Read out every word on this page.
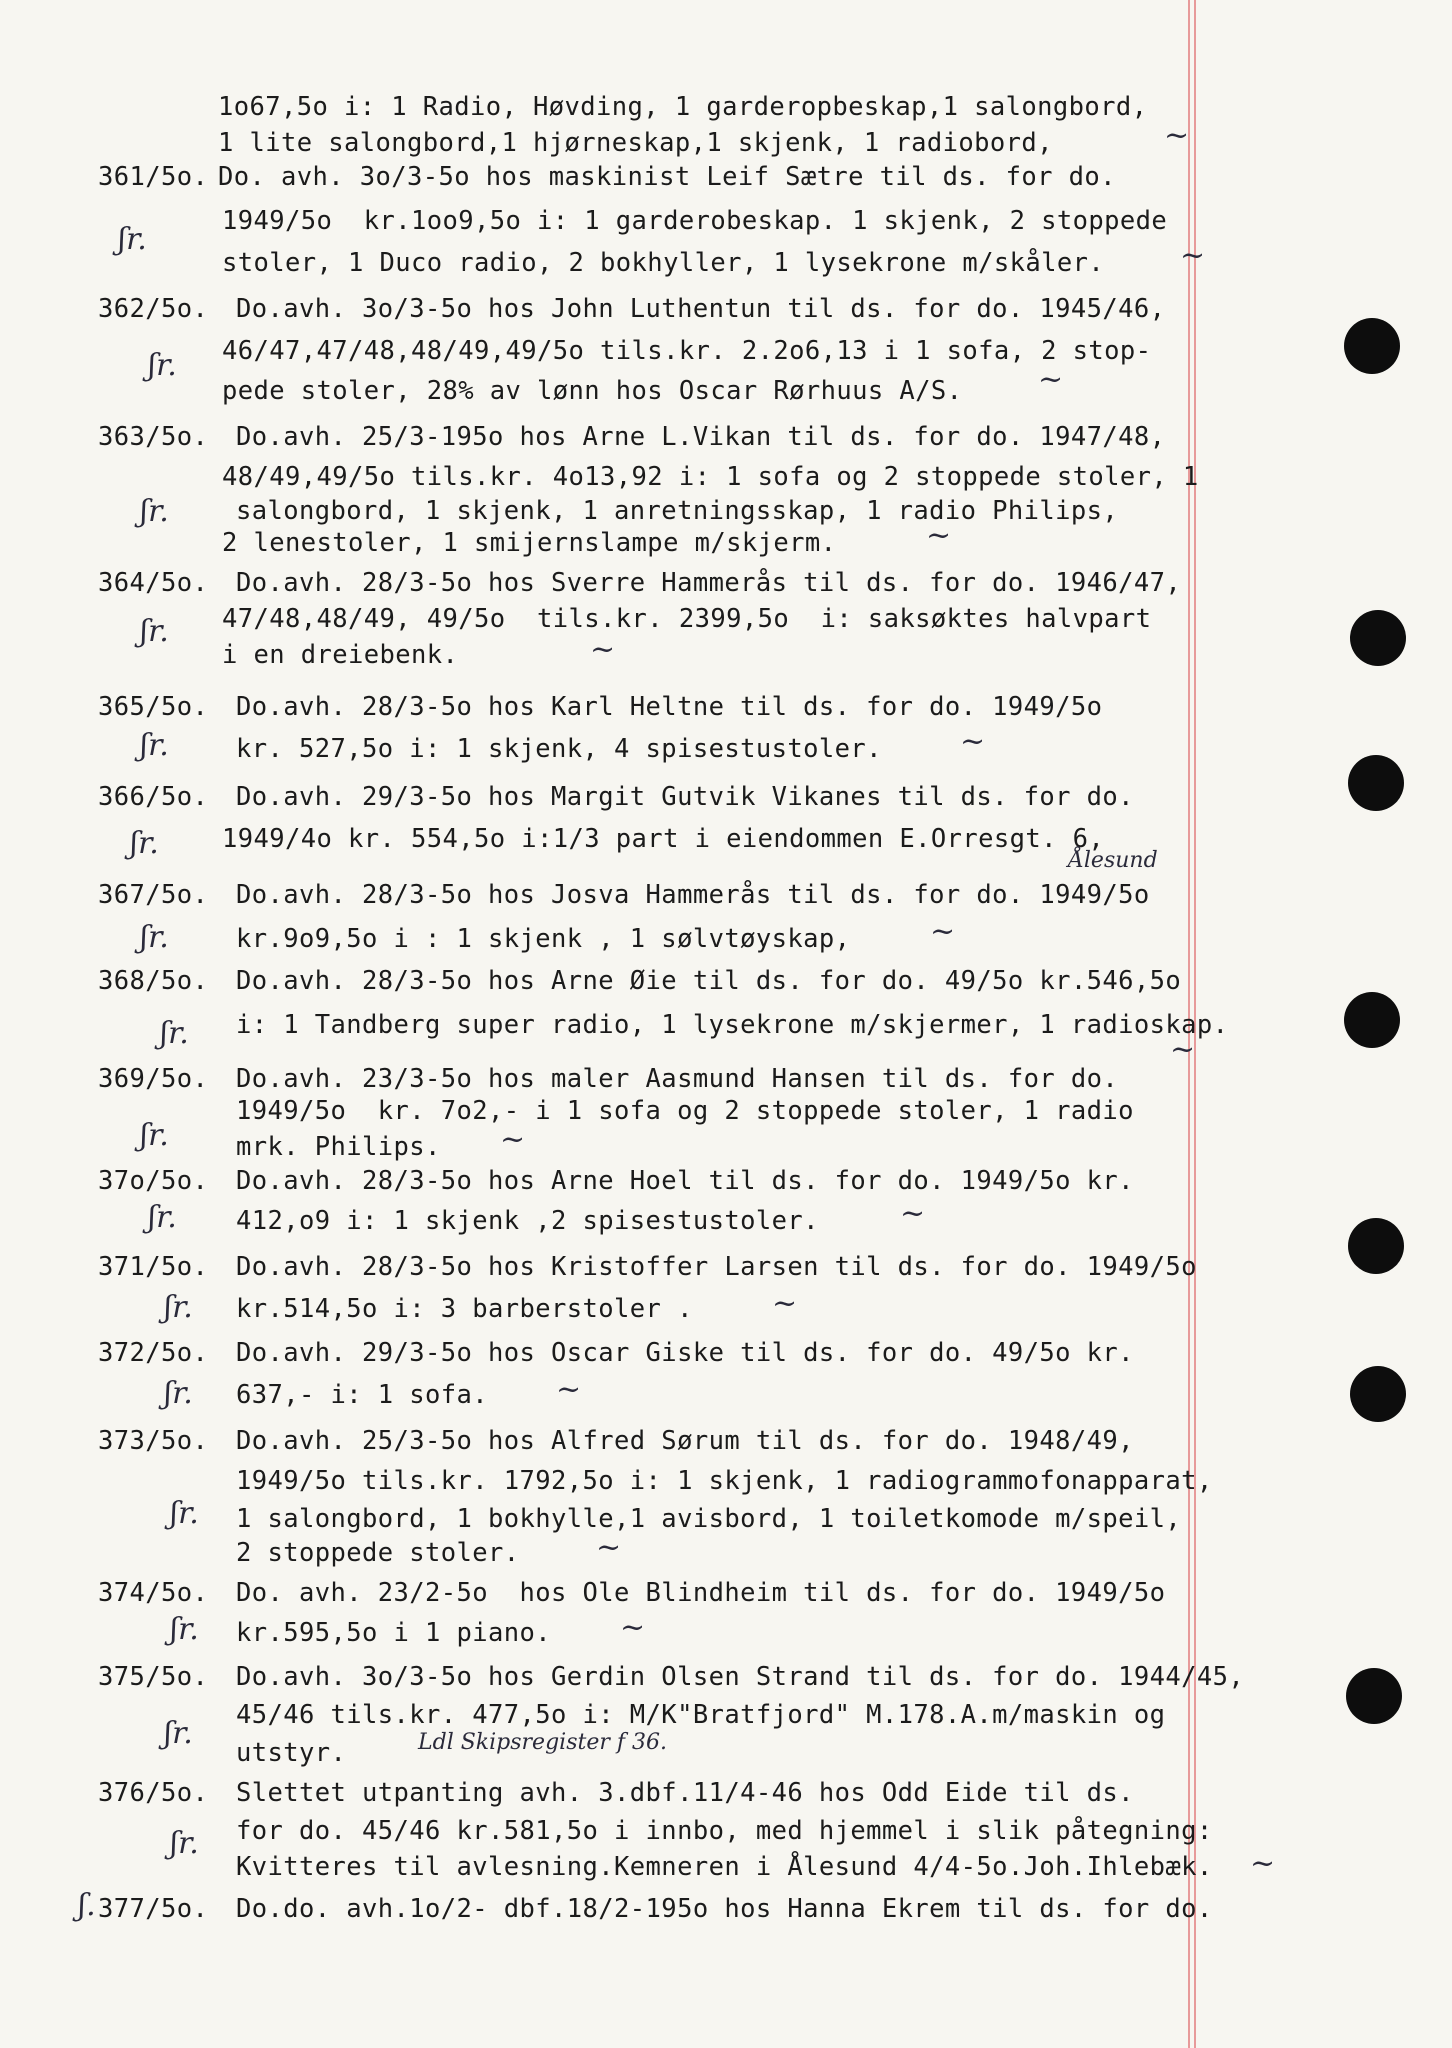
1o67,5o i: 1 Radio, Høvding, 1 garderopbeskap,1 salongbord,
1 lite salongbord,1 hjørneskap,1 skjenk, 1 radiobord,
361/5o. Do. avh. 3o/3-5o hos maskinist Leif Sætre til ds. for do.
1949/5o  kr.1oo9,5o i: 1 garderobeskap. 1 skjenk, 2 stoppede
stoler, 1 Duco radio, 2 bokhyller, 1 lysekrone m/skåler.
362/5o. Do.avh. 3o/3-5o hos John Luthentun til ds. for do. 1945/46,
46/47,47/48,48/49,49/5o tils.kr. 2.2o6,13 i 1 sofa, 2 stop-
pede stoler, 28% av lønn hos Oscar Rørhuus A/S.
363/5o. Do.avh. 25/3-195o hos Arne L.Vikan til ds. for do. 1947/48,
48/49,49/5o tils.kr. 4o13,92 i: 1 sofa og 2 stoppede stoler, 1
salongbord, 1 skjenk, 1 anretningsskap, 1 radio Philips,
2 lenestoler, 1 smijernslampe m/skjerm.
364/5o. Do.avh. 28/3-5o hos Sverre Hammerås til ds. for do. 1946/47,
47/48,48/49, 49/5o  tils.kr. 2399,5o  i: saksøktes halvpart
i en dreiebenk.
365/5o. Do.avh. 28/3-5o hos Karl Heltne til ds. for do. 1949/5o
kr. 527,5o i: 1 skjenk, 4 spisestustoler.
366/5o. Do.avh. 29/3-5o hos Margit Gutvik Vikanes til ds. for do.
1949/4o kr. 554,5o i:1/3 part i eiendommen E.Orresgt. 6,
367/5o. Do.avh. 28/3-5o hos Josva Hammerås til ds. for do. 1949/5o
kr.9o9,5o i : 1 skjenk , 1 sølvtøyskap,
368/5o. Do.avh. 28/3-5o hos Arne Øie til ds. for do. 49/5o kr.546,5o
i: 1 Tandberg super radio, 1 lysekrone m/skjermer, 1 radioskap.
369/5o. Do.avh. 23/3-5o hos maler Aasmund Hansen til ds. for do.
1949/5o  kr. 7o2,- i 1 sofa og 2 stoppede stoler, 1 radio
mrk. Philips.
37o/5o. Do.avh. 28/3-5o hos Arne Hoel til ds. for do. 1949/5o kr.
412,o9 i: 1 skjenk ,2 spisestustoler.
371/5o. Do.avh. 28/3-5o hos Kristoffer Larsen til ds. for do. 1949/5o
kr.514,5o i: 3 barberstoler .
372/5o. Do.avh. 29/3-5o hos Oscar Giske til ds. for do. 49/5o kr.
637,- i: 1 sofa.
373/5o. Do.avh. 25/3-5o hos Alfred Sørum til ds. for do. 1948/49,
1949/5o tils.kr. 1792,5o i: 1 skjenk, 1 radiogrammofonapparat,
1 salongbord, 1 bokhylle,1 avisbord, 1 toiletkomode m/speil,
2 stoppede stoler.
374/5o. Do. avh. 23/2-5o  hos Ole Blindheim til ds. for do. 1949/5o
kr.595,5o i 1 piano.
375/5o. Do.avh. 3o/3-5o hos Gerdin Olsen Strand til ds. for do. 1944/45,
45/46 tils.kr. 477,5o i: M/K"Bratfjord" M.178.A.m/maskin og
utstyr.
376/5o. Slettet utpanting avh. 3.dbf.11/4-46 hos Odd Eide til ds.
for do. 45/46 kr.581,5o i innbo, med hjemmel i slik påtegning:
Kvitteres til avlesning.Kemneren i Ålesund 4/4-5o.Joh.Ihlebæk.
377/5o. Do.do. avh.1o/2- dbf.18/2-195o hos Hanna Ekrem til ds. for do.
ʃr.
ʃr.
ʃr.
ʃr.
ʃr.
ʃr.
ʃr.
ʃr.
ʃr.
ʃr.
ʃr.
ʃr.
ʃr.
ʃr.
ʃr.
ʃr.
ʃ.
~
~
~
~
~
~
~
~
~
~
~
~
~
~
~
Ålesund
Ldl Skipsregister f 36.
